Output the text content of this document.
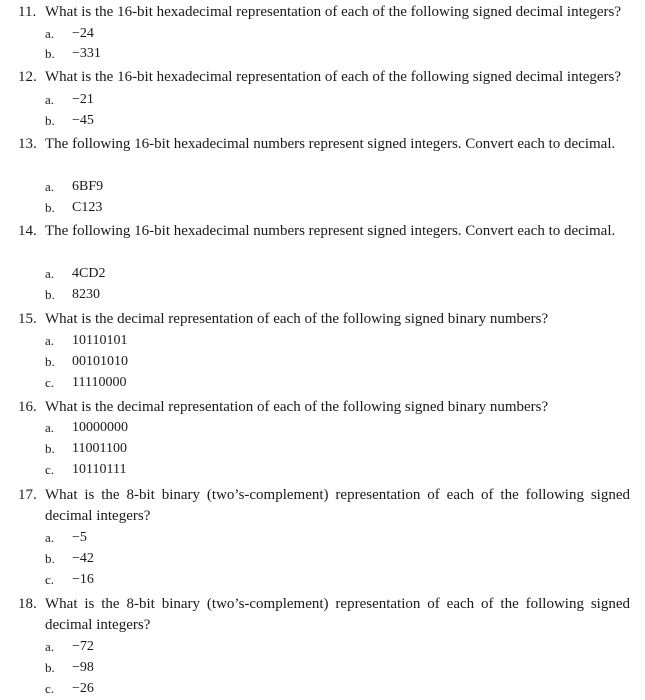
11. What is the 16-bit hexadecimal representation of each of the following signed decimal integers?
a.	−24
b.	−331
12. What is the 16-bit hexadecimal representation of each of the following signed decimal integers?
a.	−21
b.	−45
13. The following 16-bit hexadecimal numbers represent signed integers. Convert each to decimal.
a.	6BF9
b.	C123
14. The following 16-bit hexadecimal numbers represent signed integers. Convert each to decimal.
a.	4CD2
b.	8230
15. What is the decimal representation of each of the following signed binary numbers?
a.	10110101
b.	00101010
c.	11110000
16. What is the decimal representation of each of the following signed binary numbers?
a.	10000000
b.	11001100
c.	10110111
17. What is the 8-bit binary (two’s-complement) representation of each of the following signed decimal integers?
a.	−5
b.	−42
c.	−16
18. What is the 8-bit binary (two’s-complement) representation of each of the following signed decimal integers?
a.	−72
b.	−98
c.	−26
